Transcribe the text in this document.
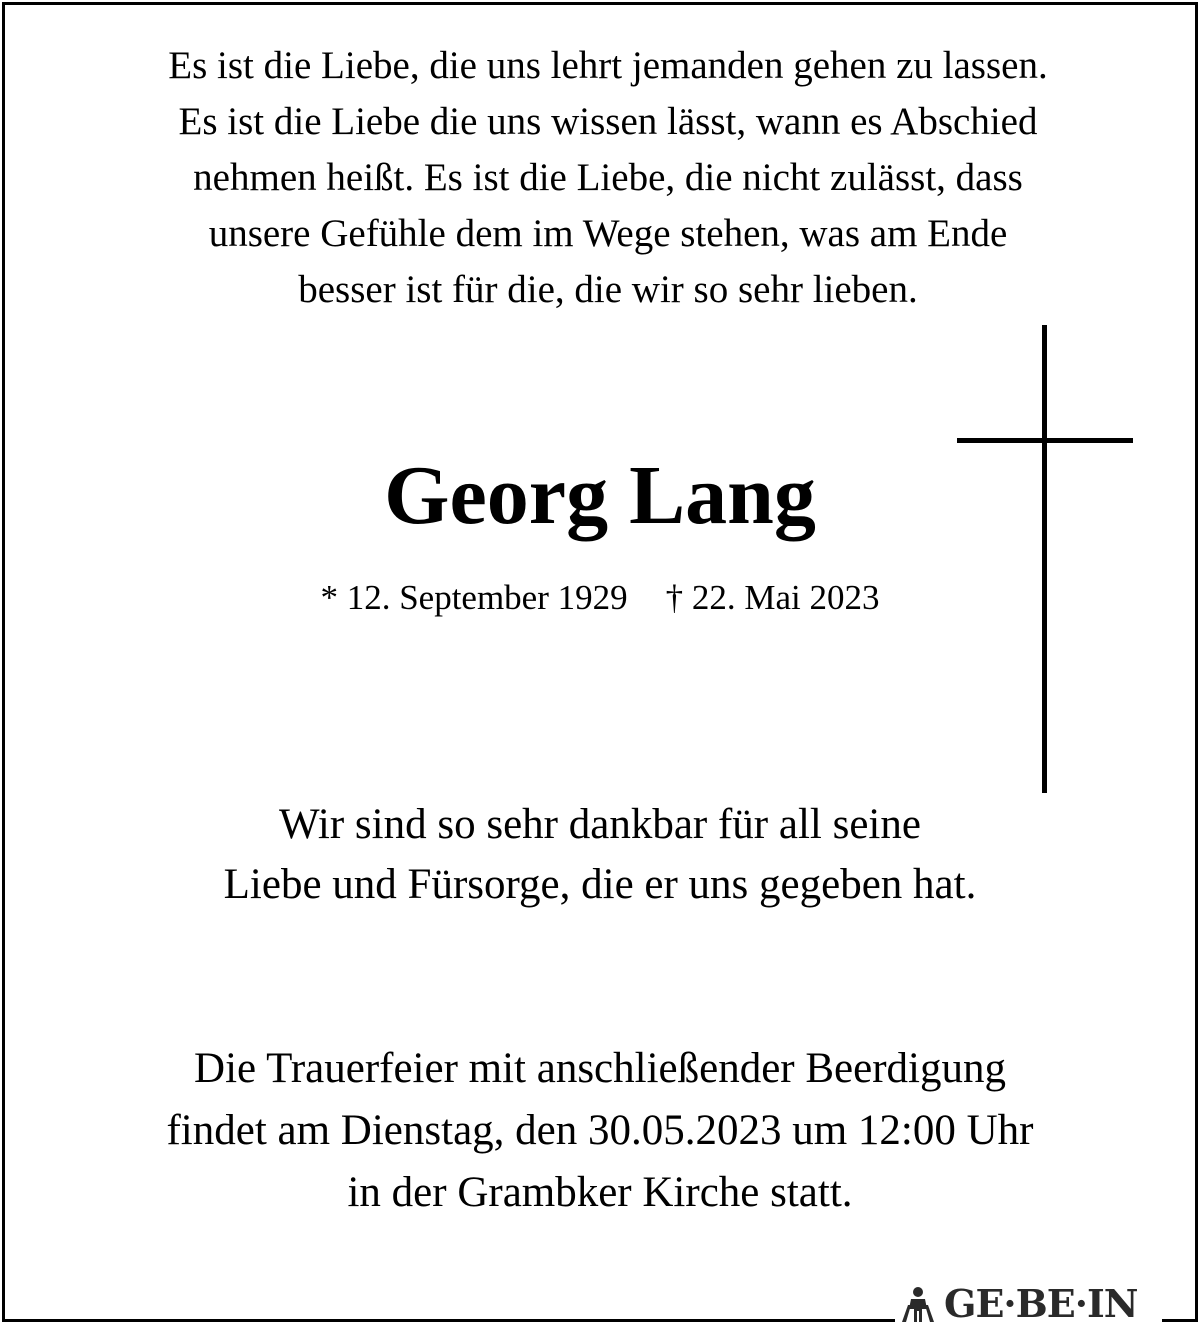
Es ist die Liebe, die uns lehrt jemanden gehen zu lassen.
Es ist die Liebe die uns wissen lässt, wann es Abschied
nehmen heißt. Es ist die Liebe, die nicht zulässt, dass
unsere Gefühle dem im Wege stehen, was am Ende
besser ist für die, die wir so sehr lieben.
Georg Lang
* 12. September 1929 † 22. Mai 2023
Wir sind so sehr dankbar für all seine
Liebe und Fürsorge, die er uns gegeben hat.
Die Trauerfeier mit anschließender Beerdigung
findet am Dienstag, den 30.05.2023 um 12:00 Uhr
in der Grambker Kirche statt.
GE·BE·IN
